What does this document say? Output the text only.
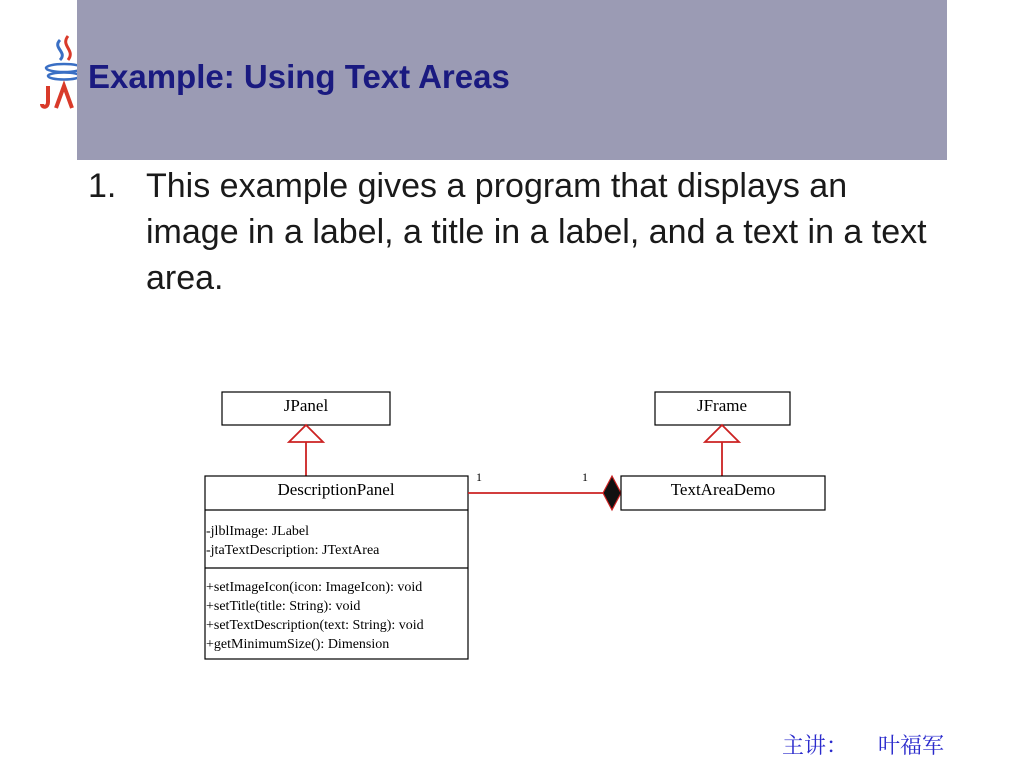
Example: Using Text Areas
1. This example gives a program that displays an image in a label, a title in a label, and a text in a text area.
JPanel	JFrame
DescriptionPanel
-jlblImage: JLabel
-jtaTextDescription: JTextArea
+setImageIcon(icon: ImageIcon): void
+setTitle(title: String): void
+setTextDescription(text: String): void
+getMinimumSize(): Dimension
1	1
TextAreaDemo
主讲： 叶福军
